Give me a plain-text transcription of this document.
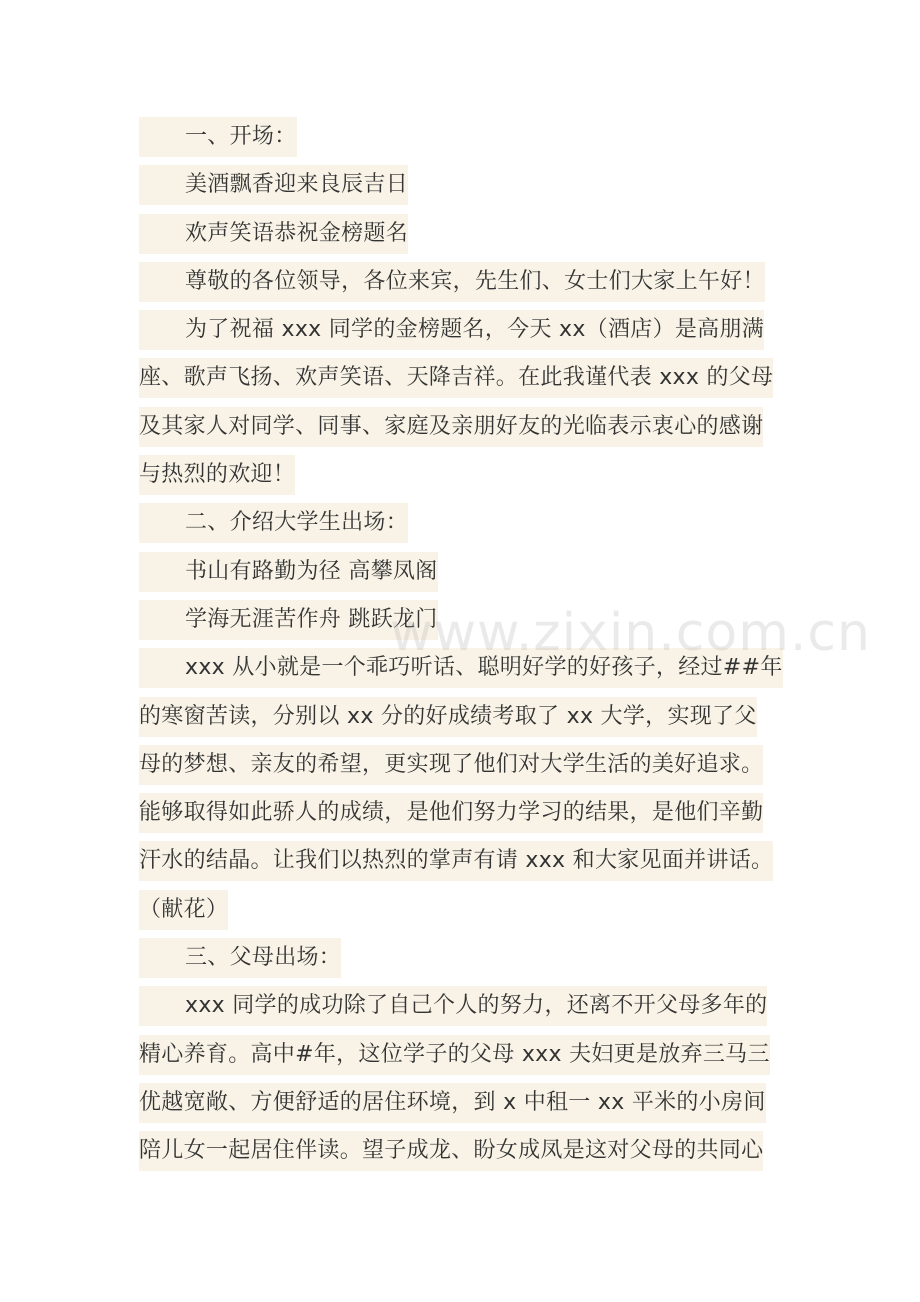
一、开场：
美酒飘香迎来良辰吉日
欢声笑语恭祝金榜题名
尊敬的各位领导，各位来宾，先生们、女士们大家上午好！
为了祝福 xxx 同学的金榜题名，今天 xx（酒店）是高朋满
座、歌声飞扬、欢声笑语、天降吉祥。在此我谨代表 xxx 的父母
及其家人对同学、同事、家庭及亲朋好友的光临表示衷心的感谢
与热烈的欢迎！
二、介绍大学生出场：
书山有路勤为径 高攀凤阁
学海无涯苦作舟 跳跃龙门
xxx 从小就是一个乖巧听话、聪明好学的好孩子，经过##年
的寒窗苦读，分别以 xx 分的好成绩考取了 xx 大学，实现了父
母的梦想、亲友的希望，更实现了他们对大学生活的美好追求。
能够取得如此骄人的成绩，是他们努力学习的结果，是他们辛勤
汗水的结晶。让我们以热烈的掌声有请 xxx 和大家见面并讲话。
（献花）
三、父母出场：
xxx 同学的成功除了自己个人的努力，还离不开父母多年的
精心养育。高中#年，这位学子的父母 xxx 夫妇更是放弃三马三
优越宽敞、方便舒适的居住环境，到 x 中租一 xx 平米的小房间
陪儿女一起居住伴读。望子成龙、盼女成凤是这对父母的共同心
www.zixin.com.cn
